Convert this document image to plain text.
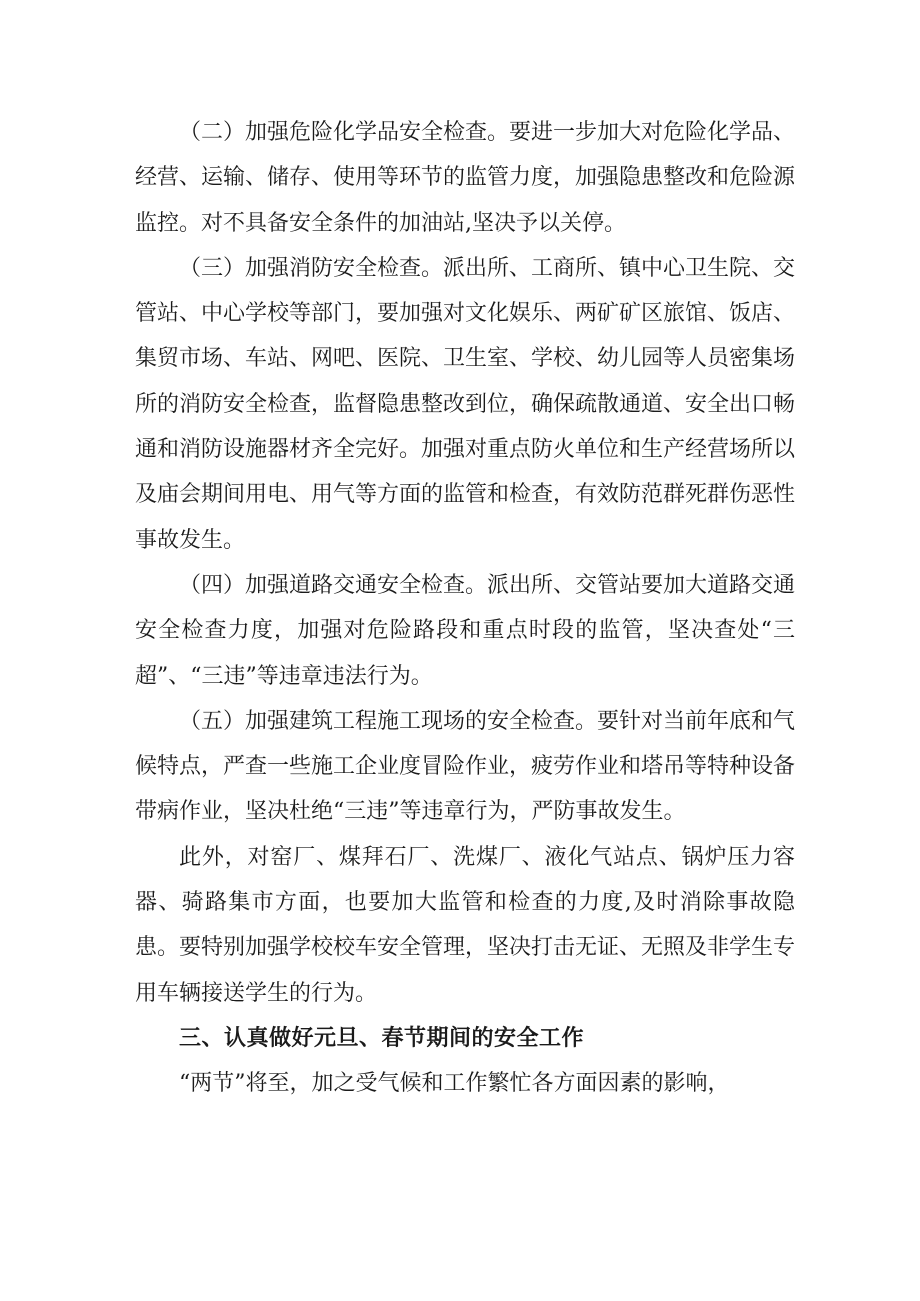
（二）加强危险化学品安全检查。要进一步加大对危险化学品、经营、运输、储存、使用等环节的监管力度，加强隐患整改和危险源监控。对不具备安全条件的加油站,坚决予以关停。

（三）加强消防安全检查。派出所、工商所、镇中心卫生院、交管站、中心学校等部门，要加强对文化娱乐、两矿矿区旅馆、饭店、集贸市场、车站、网吧、医院、卫生室、学校、幼儿园等人员密集场所的消防安全检查，监督隐患整改到位，确保疏散通道、安全出口畅通和消防设施器材齐全完好。加强对重点防火单位和生产经营场所以及庙会期间用电、用气等方面的监管和检查，有效防范群死群伤恶性事故发生。

（四）加强道路交通安全检查。派出所、交管站要加大道路交通安全检查力度，加强对危险路段和重点时段的监管，坚决查处“三超”、“三违”等违章违法行为。

（五）加强建筑工程施工现场的安全检查。要针对当前年底和气候特点，严查一些施工企业度冒险作业，疲劳作业和塔吊等特种设备带病作业，坚决杜绝“三违”等违章行为，严防事故发生。

此外，对窑厂、煤拜石厂、洗煤厂、液化气站点、锅炉压力容器、骑路集市方面，也要加大监管和检查的力度,及时消除事故隐患。要特别加强学校校车安全管理，坚决打击无证、无照及非学生专用车辆接送学生的行为。

三、认真做好元旦、春节期间的安全工作

“两节”将至，加之受气候和工作繁忙各方面因素的影响，
